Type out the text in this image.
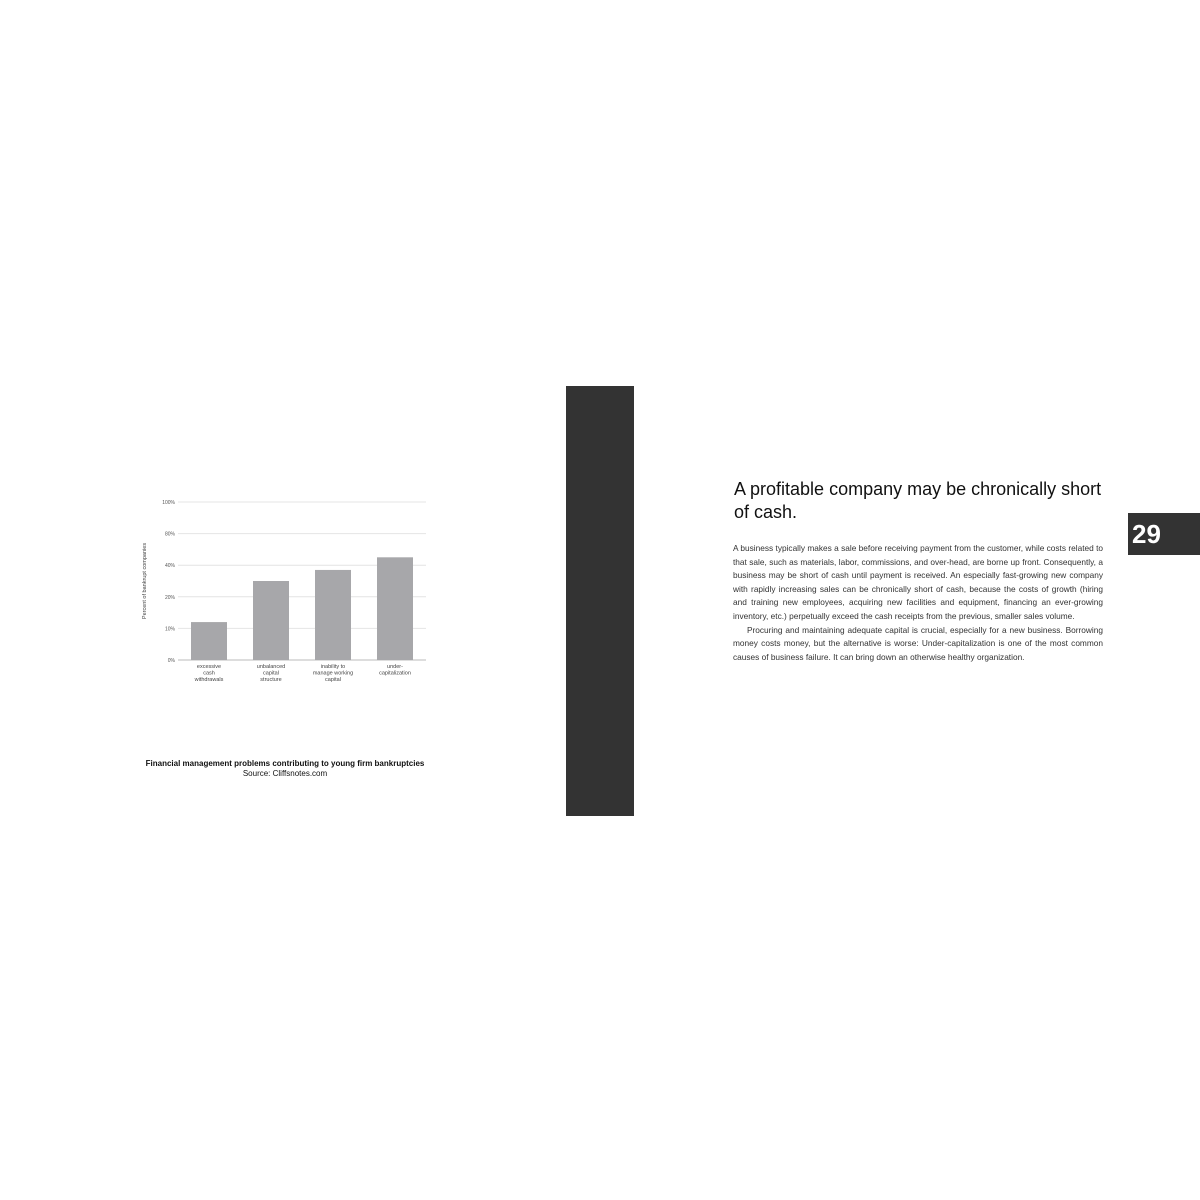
0%
10%
20%
40%
80%
100%
Percent of bankrupt companies
excessive cash withdrawals
unbalanced capital structure
inability to manage working capital
under-capitalization
Financial management problems contributing to young firm bankruptcies
Source: Cliffsnotes.com
A profitable company may be chronically short of cash.

A business typically makes a sale before receiving payment from the customer, while costs related to that sale, such as materials, labor, commissions, and over-head, are borne up front. Consequently, a business may be short of cash until payment is received. An especially fast-growing new company with rapidly increasing sales can be chronically short of cash, because the costs of growth (hiring and training new employees, acquiring new facilities and equipment, financing an ever-growing inventory, etc.) perpetually exceed the cash receipts from the previous, smaller sales volume.

Procuring and maintaining adequate capital is crucial, especially for a new business. Borrowing money costs money, but the alternative is worse: Under-capitalization is one of the most common causes of business failure. It can bring down an otherwise healthy organization.

29
